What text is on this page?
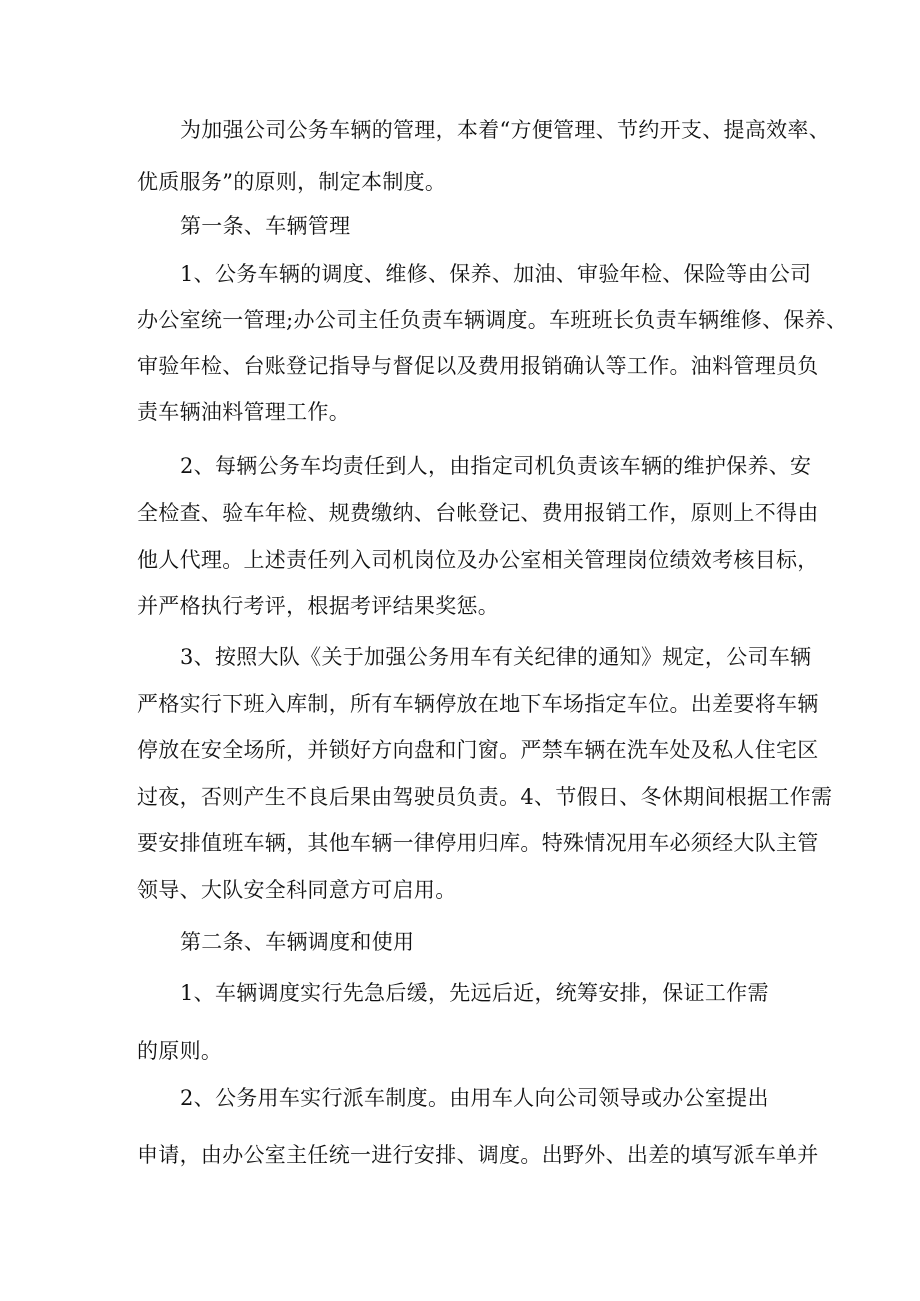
为加强公司公务车辆的管理，本着“方便管理、节约开支、提高效率、
优质服务”的原则，制定本制度。
第一条、车辆管理
1、公务车辆的调度、维修、保养、加油、审验年检、保险等由公司
办公室统一管理;办公司主任负责车辆调度。车班班长负责车辆维修、保养、
审验年检、台账登记指导与督促以及费用报销确认等工作。油料管理员负
责车辆油料管理工作。
2、每辆公务车均责任到人，由指定司机负责该车辆的维护保养、安
全检查、验车年检、规费缴纳、台帐登记、费用报销工作，原则上不得由
他人代理。上述责任列入司机岗位及办公室相关管理岗位绩效考核目标，
并严格执行考评，根据考评结果奖惩。
3、按照大队《关于加强公务用车有关纪律的通知》规定，公司车辆
严格实行下班入库制，所有车辆停放在地下车场指定车位。出差要将车辆
停放在安全场所，并锁好方向盘和门窗。严禁车辆在洗车处及私人住宅区
过夜，否则产生不良后果由驾驶员负责。4、节假日、冬休期间根据工作需
要安排值班车辆，其他车辆一律停用归库。特殊情况用车必须经大队主管
领导、大队安全科同意方可启用。
第二条、车辆调度和使用
1、车辆调度实行先急后缓，先远后近，统筹安排，保证工作需
的原则。
2、公务用车实行派车制度。由用车人向公司领导或办公室提出
申请，由办公室主任统一进行安排、调度。出野外、出差的填写派车单并
